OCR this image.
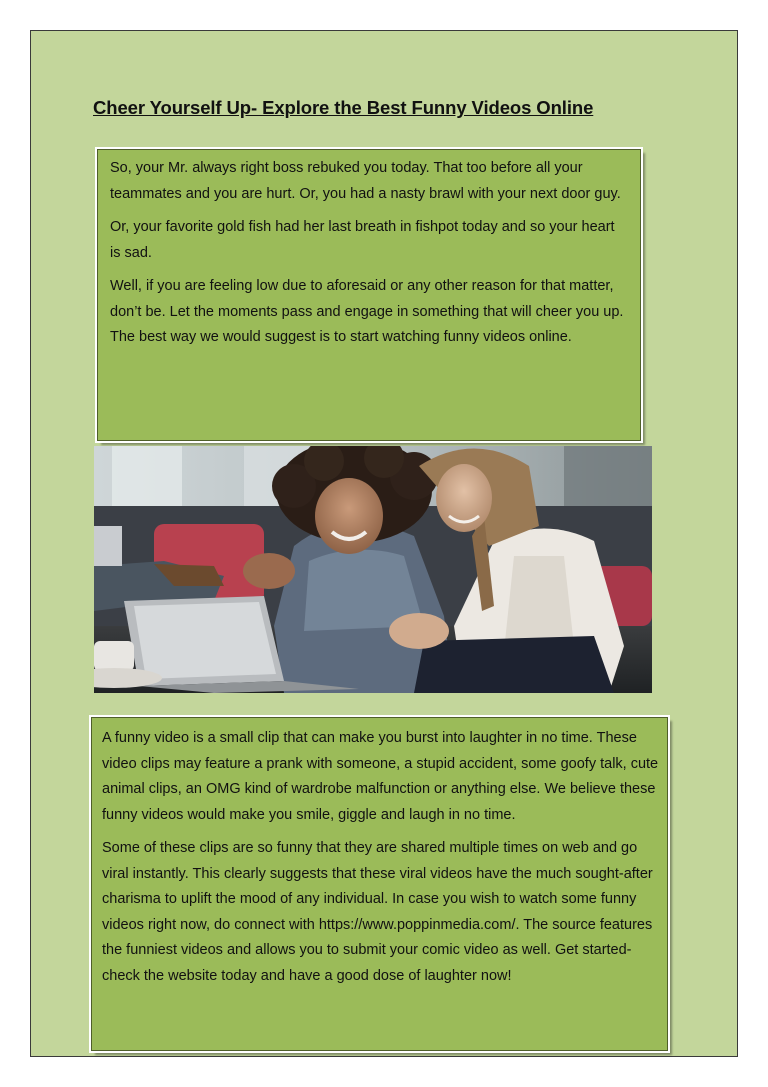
Cheer Yourself Up- Explore the Best Funny Videos Online

So, your Mr. always right boss rebuked you today. That too before all your teammates and you are hurt. Or, you had a nasty brawl with your next door guy.

Or, your favorite gold fish had her last breath in fishpot today and so your heart is sad.

Well, if you are feeling low due to aforesaid or any other reason for that matter, don’t be. Let the moments pass and engage in something that will cheer you up. The best way we would suggest is to start watching funny videos online.

A funny video is a small clip that can make you burst into laughter in no time. These video clips may feature a prank with someone, a stupid accident, some goofy talk, cute animal clips, an OMG kind of wardrobe malfunction or anything else. We believe these funny videos would make you smile, giggle and laugh in no time.

Some of these clips are so funny that they are shared multiple times on web and go viral instantly. This clearly suggests that these viral videos have the much sought-after charisma to uplift the mood of any individual. In case you wish to watch some funny videos right now, do connect with https://www.poppinmedia.com/. The source features the funniest videos and allows you to submit your comic video as well. Get started- check the website today and have a good dose of laughter now!
